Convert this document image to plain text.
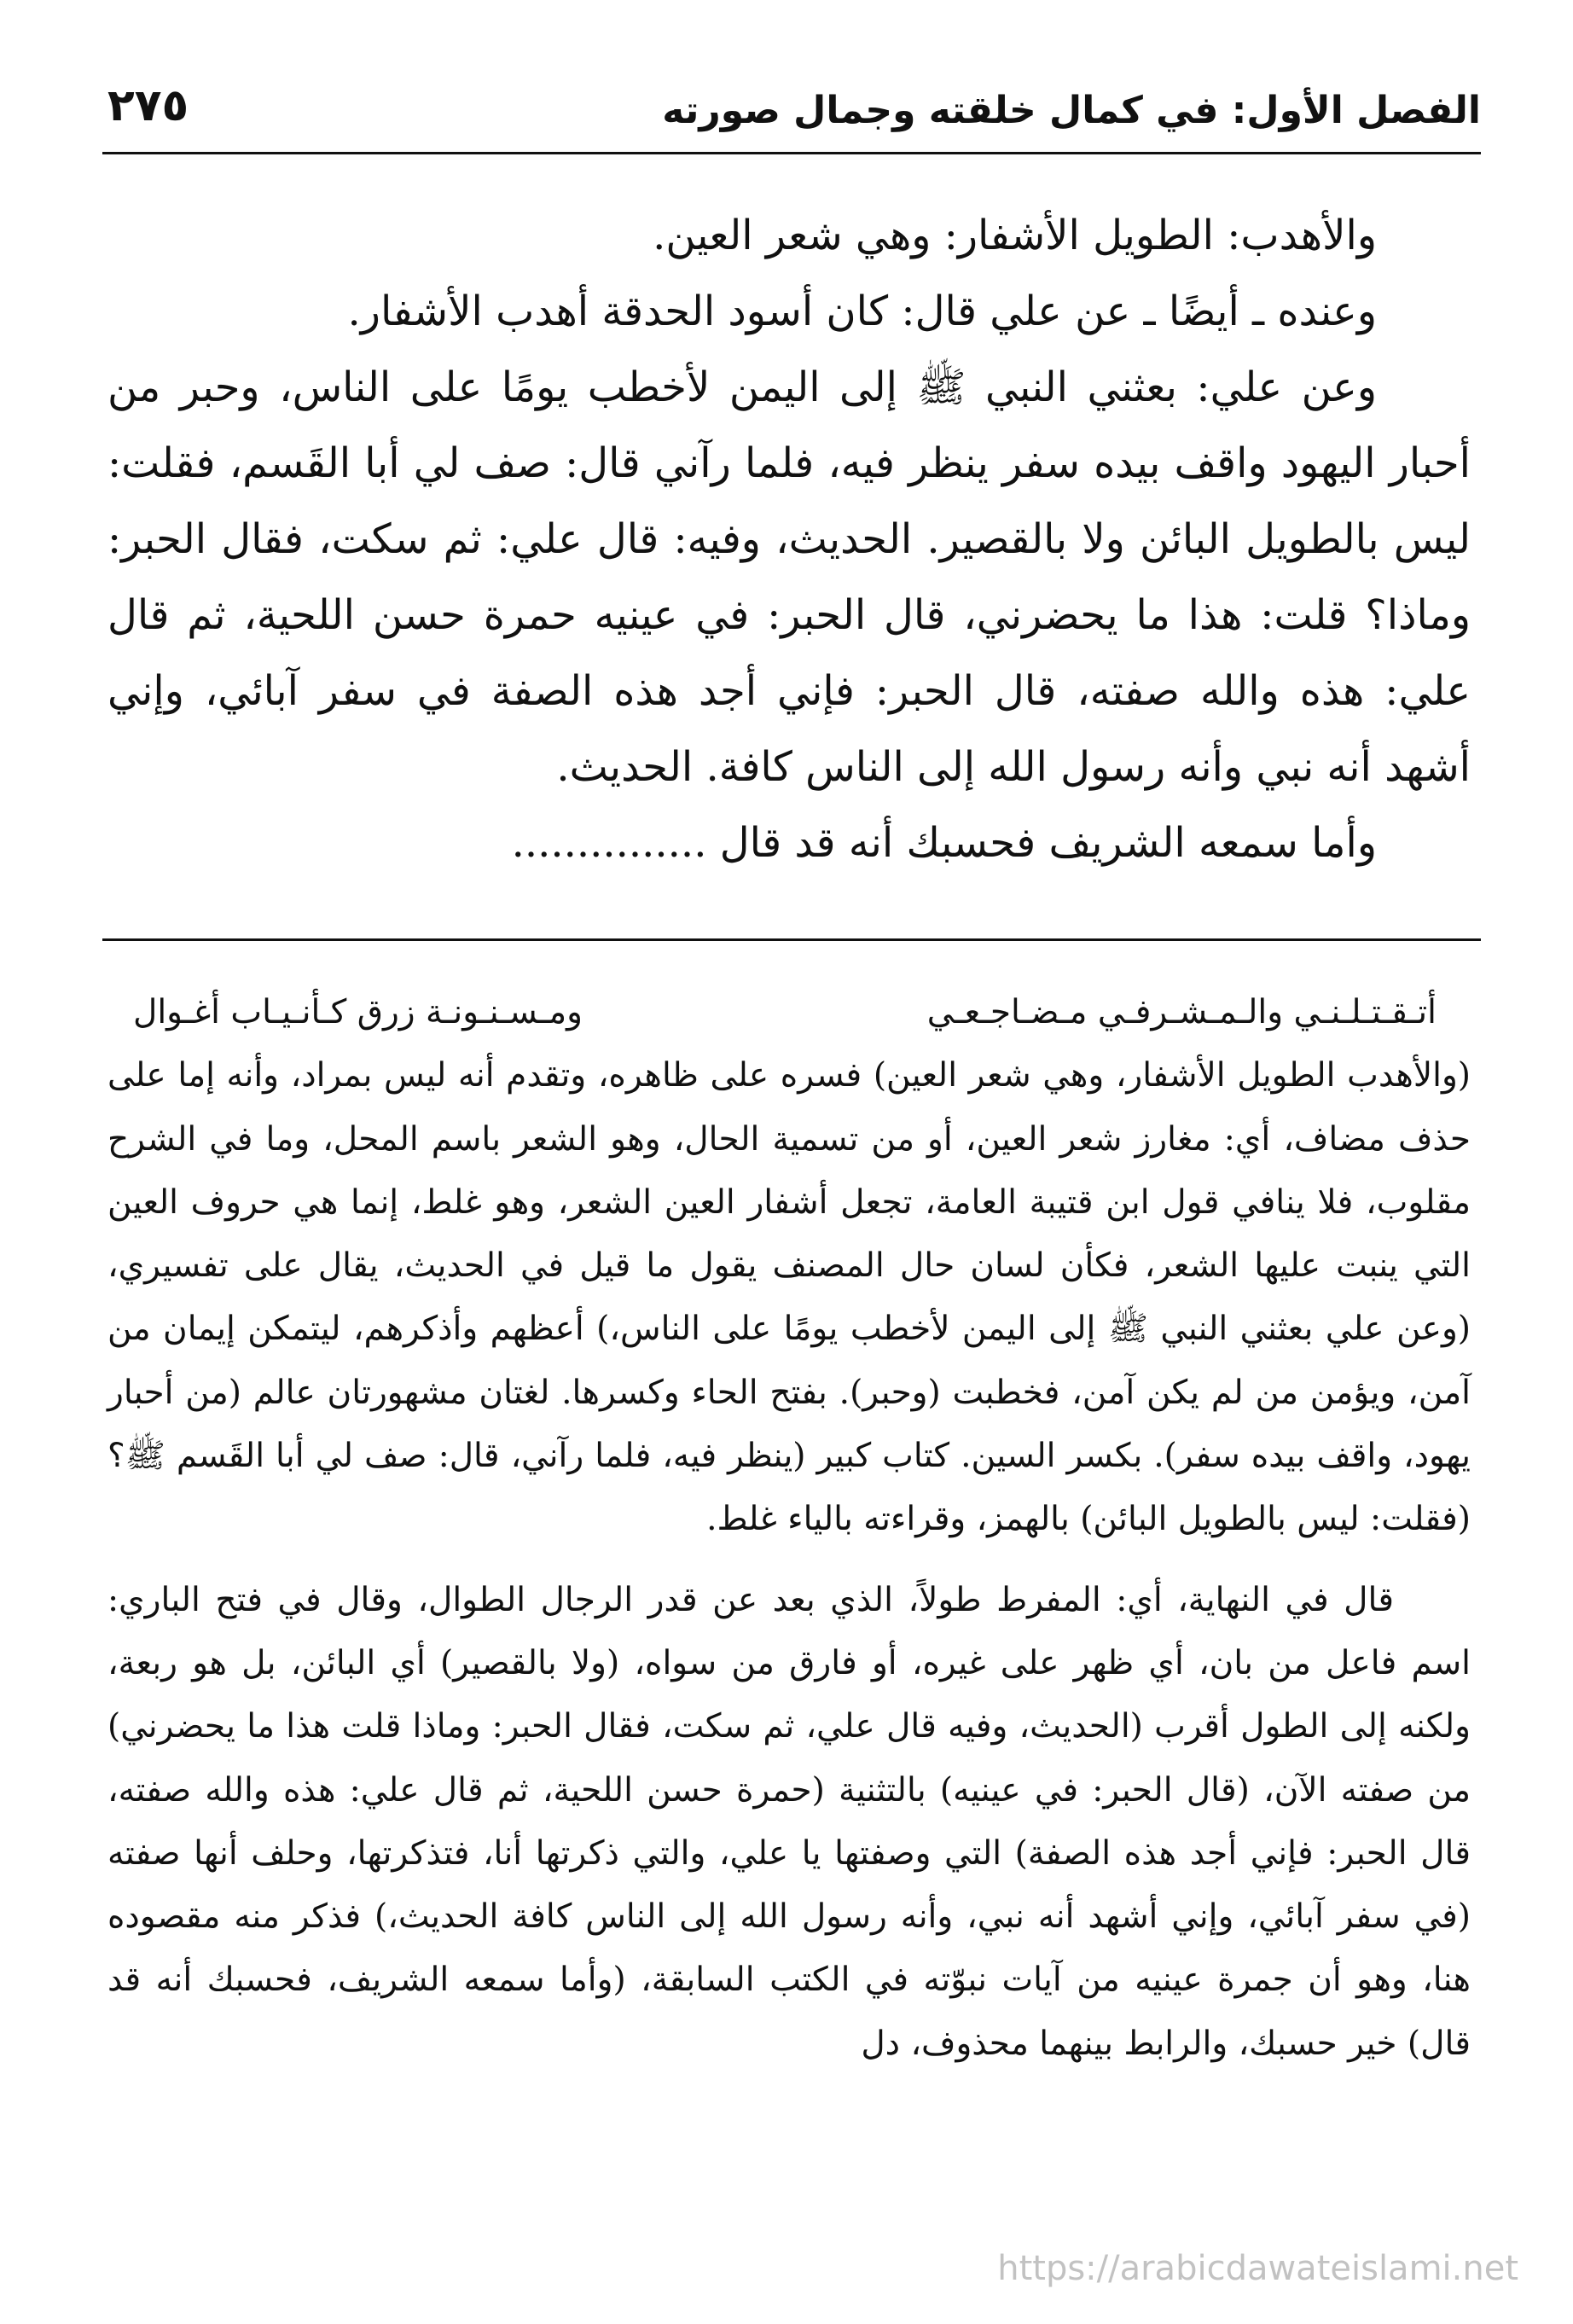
الفصل الأول: في كمال خلقته وجمال صورته
٢٧٥

والأهدب: الطويل الأشفار: وهي شعر العين.

وعنده ـ أيضًا ـ عن علي قال: كان أسود الحدقة أهدب الأشفار.

وعن علي: بعثني النبي ﷺ إلى اليمن لأخطب يومًا على الناس، وحبر من أحبار اليهود واقف بيده سفر ينظر فيه، فلما رآني قال: صف لي أبا القَسم، فقلت: ليس بالطويل البائن ولا بالقصير. الحديث، وفيه: قال علي: ثم سكت، فقال الحبر: وماذا؟ قلت: هذا ما يحضرني، قال الحبر: في عينيه حمرة حسن اللحية، ثم قال علي: هذه والله صفته، قال الحبر: فإني أجد هذه الصفة في سفر آبائي، وإني أشهد أنه نبي وأنه رسول الله إلى الناس كافة. الحديث.

وأما سمعه الشريف فحسبك أنه قد قال ...............

أتـقـتـلـنـي والـمـشـرفـي مـضـاجـعـي
ومـسـنـونـة زرق كـأنـيـاب أغـوال

(والأهدب الطويل الأشفار، وهي شعر العين) فسره على ظاهره، وتقدم أنه ليس بمراد، وأنه إما على حذف مضاف، أي: مغارز شعر العين، أو من تسمية الحال، وهو الشعر باسم المحل، وما في الشرح مقلوب، فلا ينافي قول ابن قتيبة العامة، تجعل أشفار العين الشعر، وهو غلط، إنما هي حروف العين التي ينبت عليها الشعر، فكأن لسان حال المصنف يقول ما قيل في الحديث، يقال على تفسيري، (وعن علي بعثني النبي ﷺ إلى اليمن لأخطب يومًا على الناس،) أعظهم وأذكرهم، ليتمكن إيمان من آمن، ويؤمن من لم يكن آمن، فخطبت (وحبر). بفتح الحاء وكسرها. لغتان مشهورتان عالم (من أحبار يهود، واقف بيده سفر). بكسر السين. كتاب كبير (ينظر فيه، فلما رآني، قال: صف لي أبا القَسم ﷺ؟ (فقلت: ليس بالطويل البائن) بالهمز، وقراءته بالياء غلط.

قال في النهاية، أي: المفرط طولاً، الذي بعد عن قدر الرجال الطوال، وقال في فتح الباري: اسم فاعل من بان، أي ظهر على غيره، أو فارق من سواه، (ولا بالقصير) أي البائن، بل هو ربعة، ولكنه إلى الطول أقرب (الحديث، وفيه قال علي، ثم سكت، فقال الحبر: وماذا قلت هذا ما يحضرني) من صفته الآن، (قال الحبر: في عينيه) بالتثنية (حمرة حسن اللحية، ثم قال علي: هذه والله صفته، قال الحبر: فإني أجد هذه الصفة) التي وصفتها يا علي، والتي ذكرتها أنا، فتذكرتها، وحلف أنها صفته (في سفر آبائي، وإني أشهد أنه نبي، وأنه رسول الله إلى الناس كافة الحديث،) فذكر منه مقصوده هنا، وهو أن جمرة عينيه من آيات نبوّته في الكتب السابقة، (وأما سمعه الشريف، فحسبك أنه قد قال) خير حسبك، والرابط بينهما محذوف، دل

https://arabicdawateislami.net
